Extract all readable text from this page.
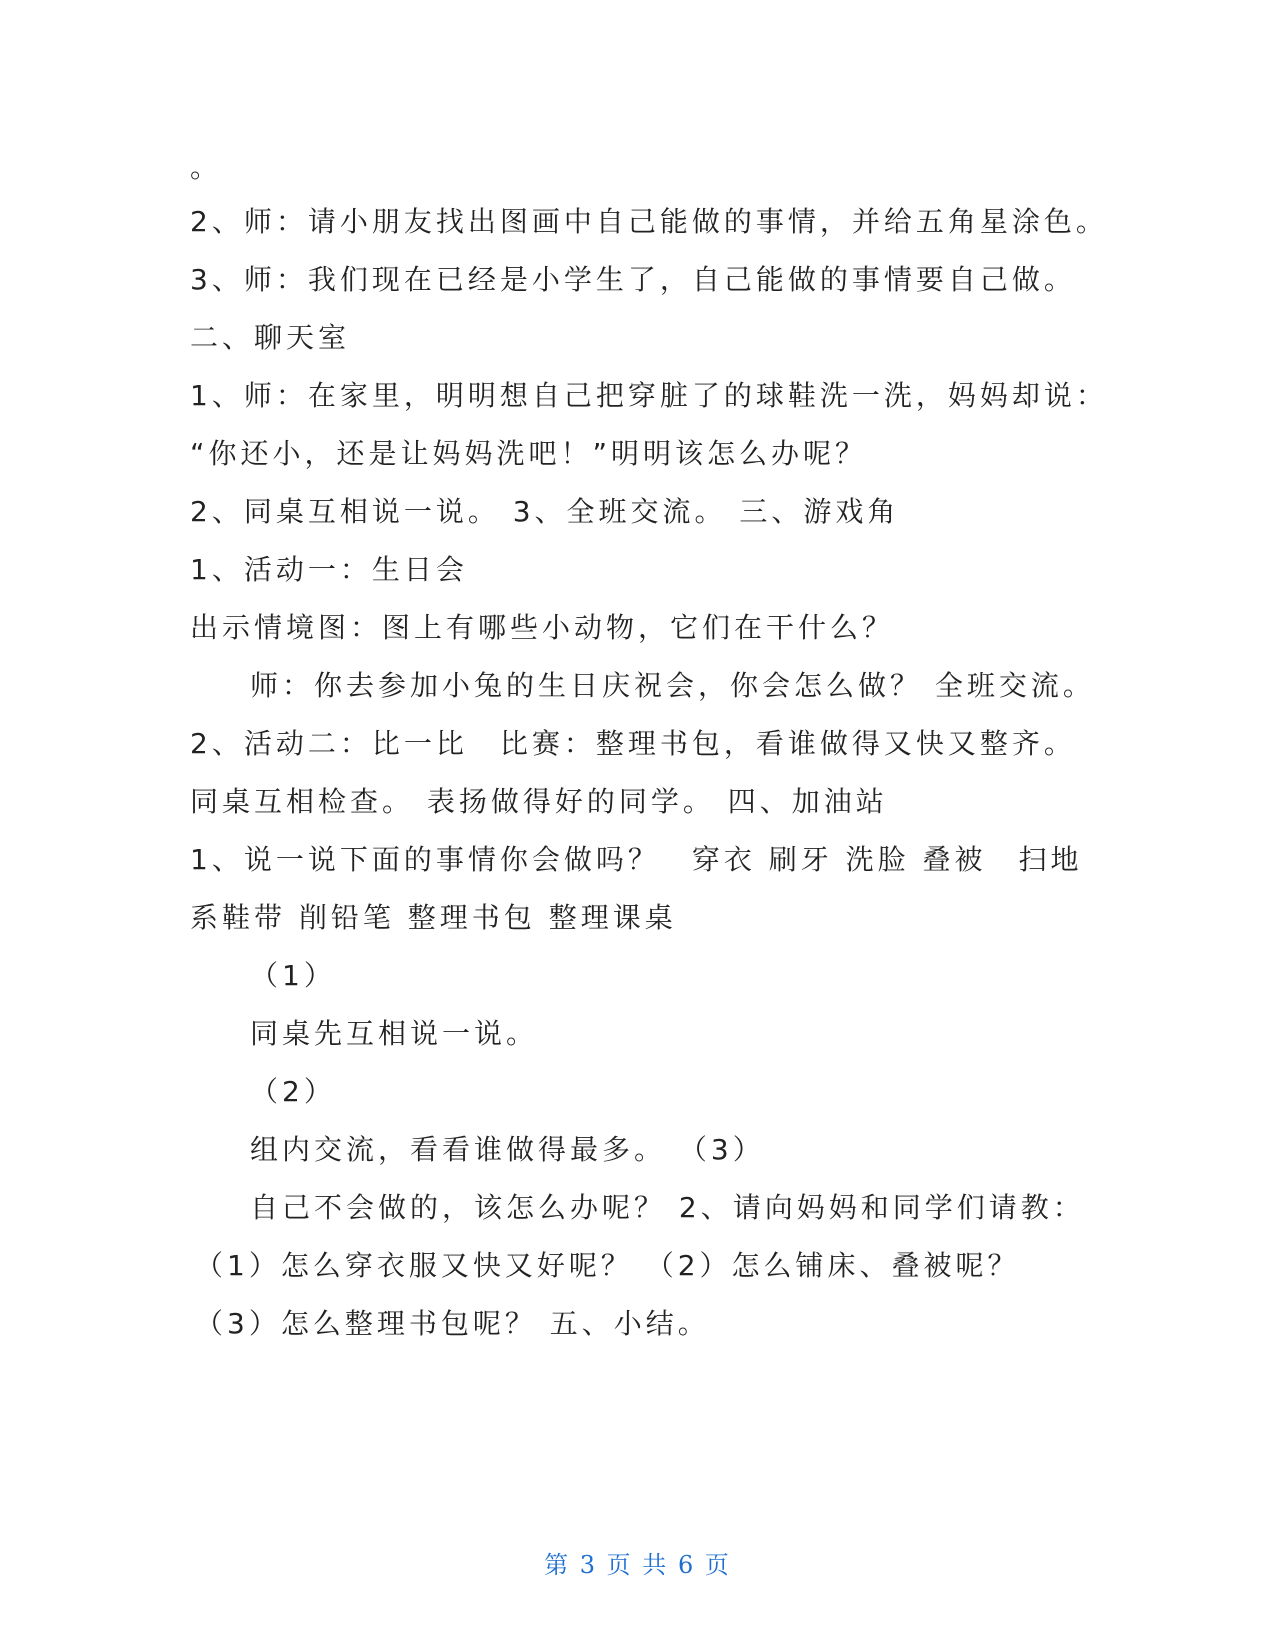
。
2、师：请小朋友找出图画中自己能做的事情，并给五角星涂色。
3、师：我们现在已经是小学生了，自己能做的事情要自己做。
二、聊天室
1、师：在家里，明明想自己把穿脏了的球鞋洗一洗，妈妈却说：
“你还小，还是让妈妈洗吧！”明明该怎么办呢？
2、同桌互相说一说。 3、全班交流。 三、游戏角
1、活动一：生日会
出示情境图：图上有哪些小动物，它们在干什么？
师：你去参加小兔的生日庆祝会，你会怎么做？ 全班交流。
2、活动二：比一比　比赛：整理书包，看谁做得又快又整齐。
同桌互相检查。 表扬做得好的同学。 四、加油站
1、说一说下面的事情你会做吗？　穿衣 刷牙 洗脸 叠被　扫地
系鞋带 削铅笔 整理书包 整理课桌
（1）
同桌先互相说一说。
（2）
组内交流，看看谁做得最多。 （3）
自己不会做的，该怎么办呢？ 2、请向妈妈和同学们请教：
（1）怎么穿衣服又快又好呢？ （2）怎么铺床、叠被呢？
（3）怎么整理书包呢？ 五、小结。
第 3 页 共 6 页
